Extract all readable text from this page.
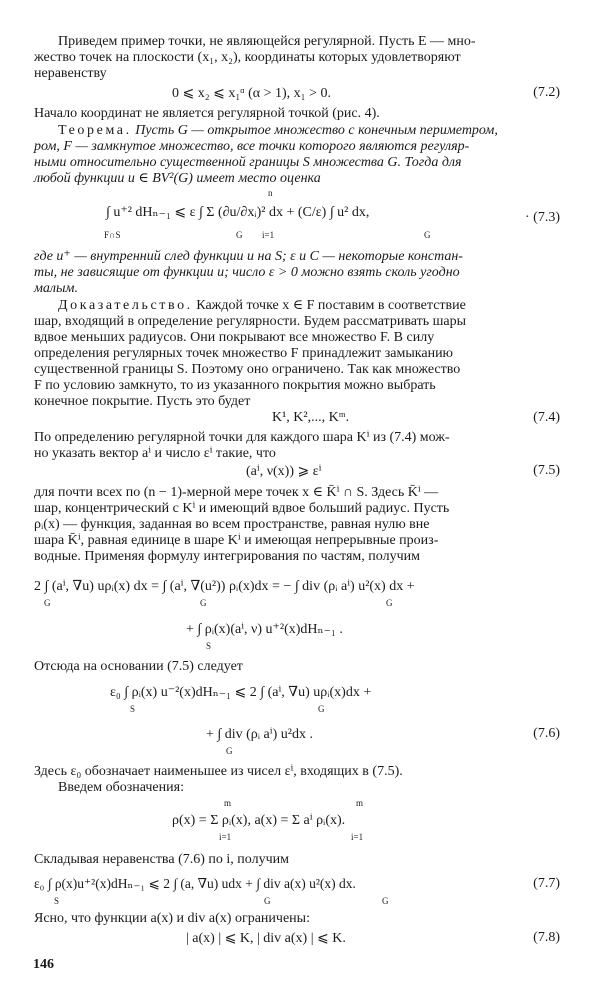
Приведем пример точки, не являющейся регулярной. Пусть E — мно-
жество точек на плоскости (x₁, x₂), координаты которых удовлетворяют
неравенству
0 ⩽ x₂ ⩽ x₁ᵅ (α > 1), x₁ > 0.	(7.2)
Начало координат не является регулярной точкой (рис. 4).
Теорема. Пусть G — открытое множество с конечным периметром,
ром, F — замкнутое множество, все точки которого являются регуляр-
ными относительно существенной границы S множества G. Тогда для
любой функции u ∈ BV²(G) имеет место оценка
∫ u⁺² dHₙ₋₁ ⩽ ε ∫ Σ (∂u/∂xᵢ)² dx + (C/ε) ∫ u² dx,
F∩S	G
n
i=1	G
· (7.3)
где u⁺ — внутренний след функции u на S; ε и C — некоторые констан-
ты, не зависящие от функции u; число ε > 0 можно взять сколь угодно
малым.
Доказательство. Каждой точке x ∈ F поставим в соответствие
шар, входящий в определение регулярности. Будем рассматривать шары
вдвое меньших радиусов. Они покрывают все множество F. В силу
определения регулярных точек множество F принадлежит замыканию
существенной границы S. Поэтому оно ограничено. Так как множество
F по условию замкнуто, то из указанного покрытия можно выбрать
конечное покрытие. Пусть это будет
K¹, K²,..., Kᵐ.	(7.4)
По определению регулярной точки для каждого шара Kⁱ из (7.4) мож-
но указать вектор aⁱ и число εⁱ такие, что
(aⁱ, ν(x)) ⩾ εⁱ	(7.5)
для почти всех по (n − 1)-мерной мере точек x ∈ K̄ⁱ ∩ S. Здесь K̄ⁱ —
шар, концентрический с Kⁱ и имеющий вдвое больший радиус. Пусть
ρᵢ(x) — функция, заданная во всем пространстве, равная нулю вне
шара K̄ⁱ, равная единице в шаре Kⁱ и имеющая непрерывные произ-
водные. Применяя формулу интегрирования по частям, получим
2 ∫ (aⁱ, ∇u) uρᵢ(x) dx = ∫ (aⁱ, ∇(u²)) ρᵢ(x)dx = − ∫ div (ρᵢ aⁱ) u²(x) dx +
G	G	G
+ ∫ ρᵢ(x)(aⁱ, ν) u⁺²(x)dHₙ₋₁ .
S
Отсюда на основании (7.5) следует
ε₀ ∫ ρᵢ(x) u⁻²(x)dHₙ₋₁ ⩽ 2 ∫ (aⁱ, ∇u) uρᵢ(x)dx +
S	G
+ ∫ div (ρᵢ aⁱ) u²dx .
G
(7.6)
Здесь ε₀ обозначает наименьшее из чисел εⁱ, входящих в (7.5).
Введем обозначения:
ρ(x) = Σ ρᵢ(x), a(x) = Σ aⁱ ρᵢ(x).
m
i=1
m
i=1
Складывая неравенства (7.6) по i, получим
ε₀ ∫ ρ(x)u⁺²(x)dHₙ₋₁ ⩽ 2 ∫ (a, ∇u) udx + ∫ div a(x) u²(x) dx.
S	G	G
(7.7)
Ясно, что функции a(x) и div a(x) ограничены:
| a(x) | ⩽ K, | div a(x) | ⩽ K.	(7.8)
146
